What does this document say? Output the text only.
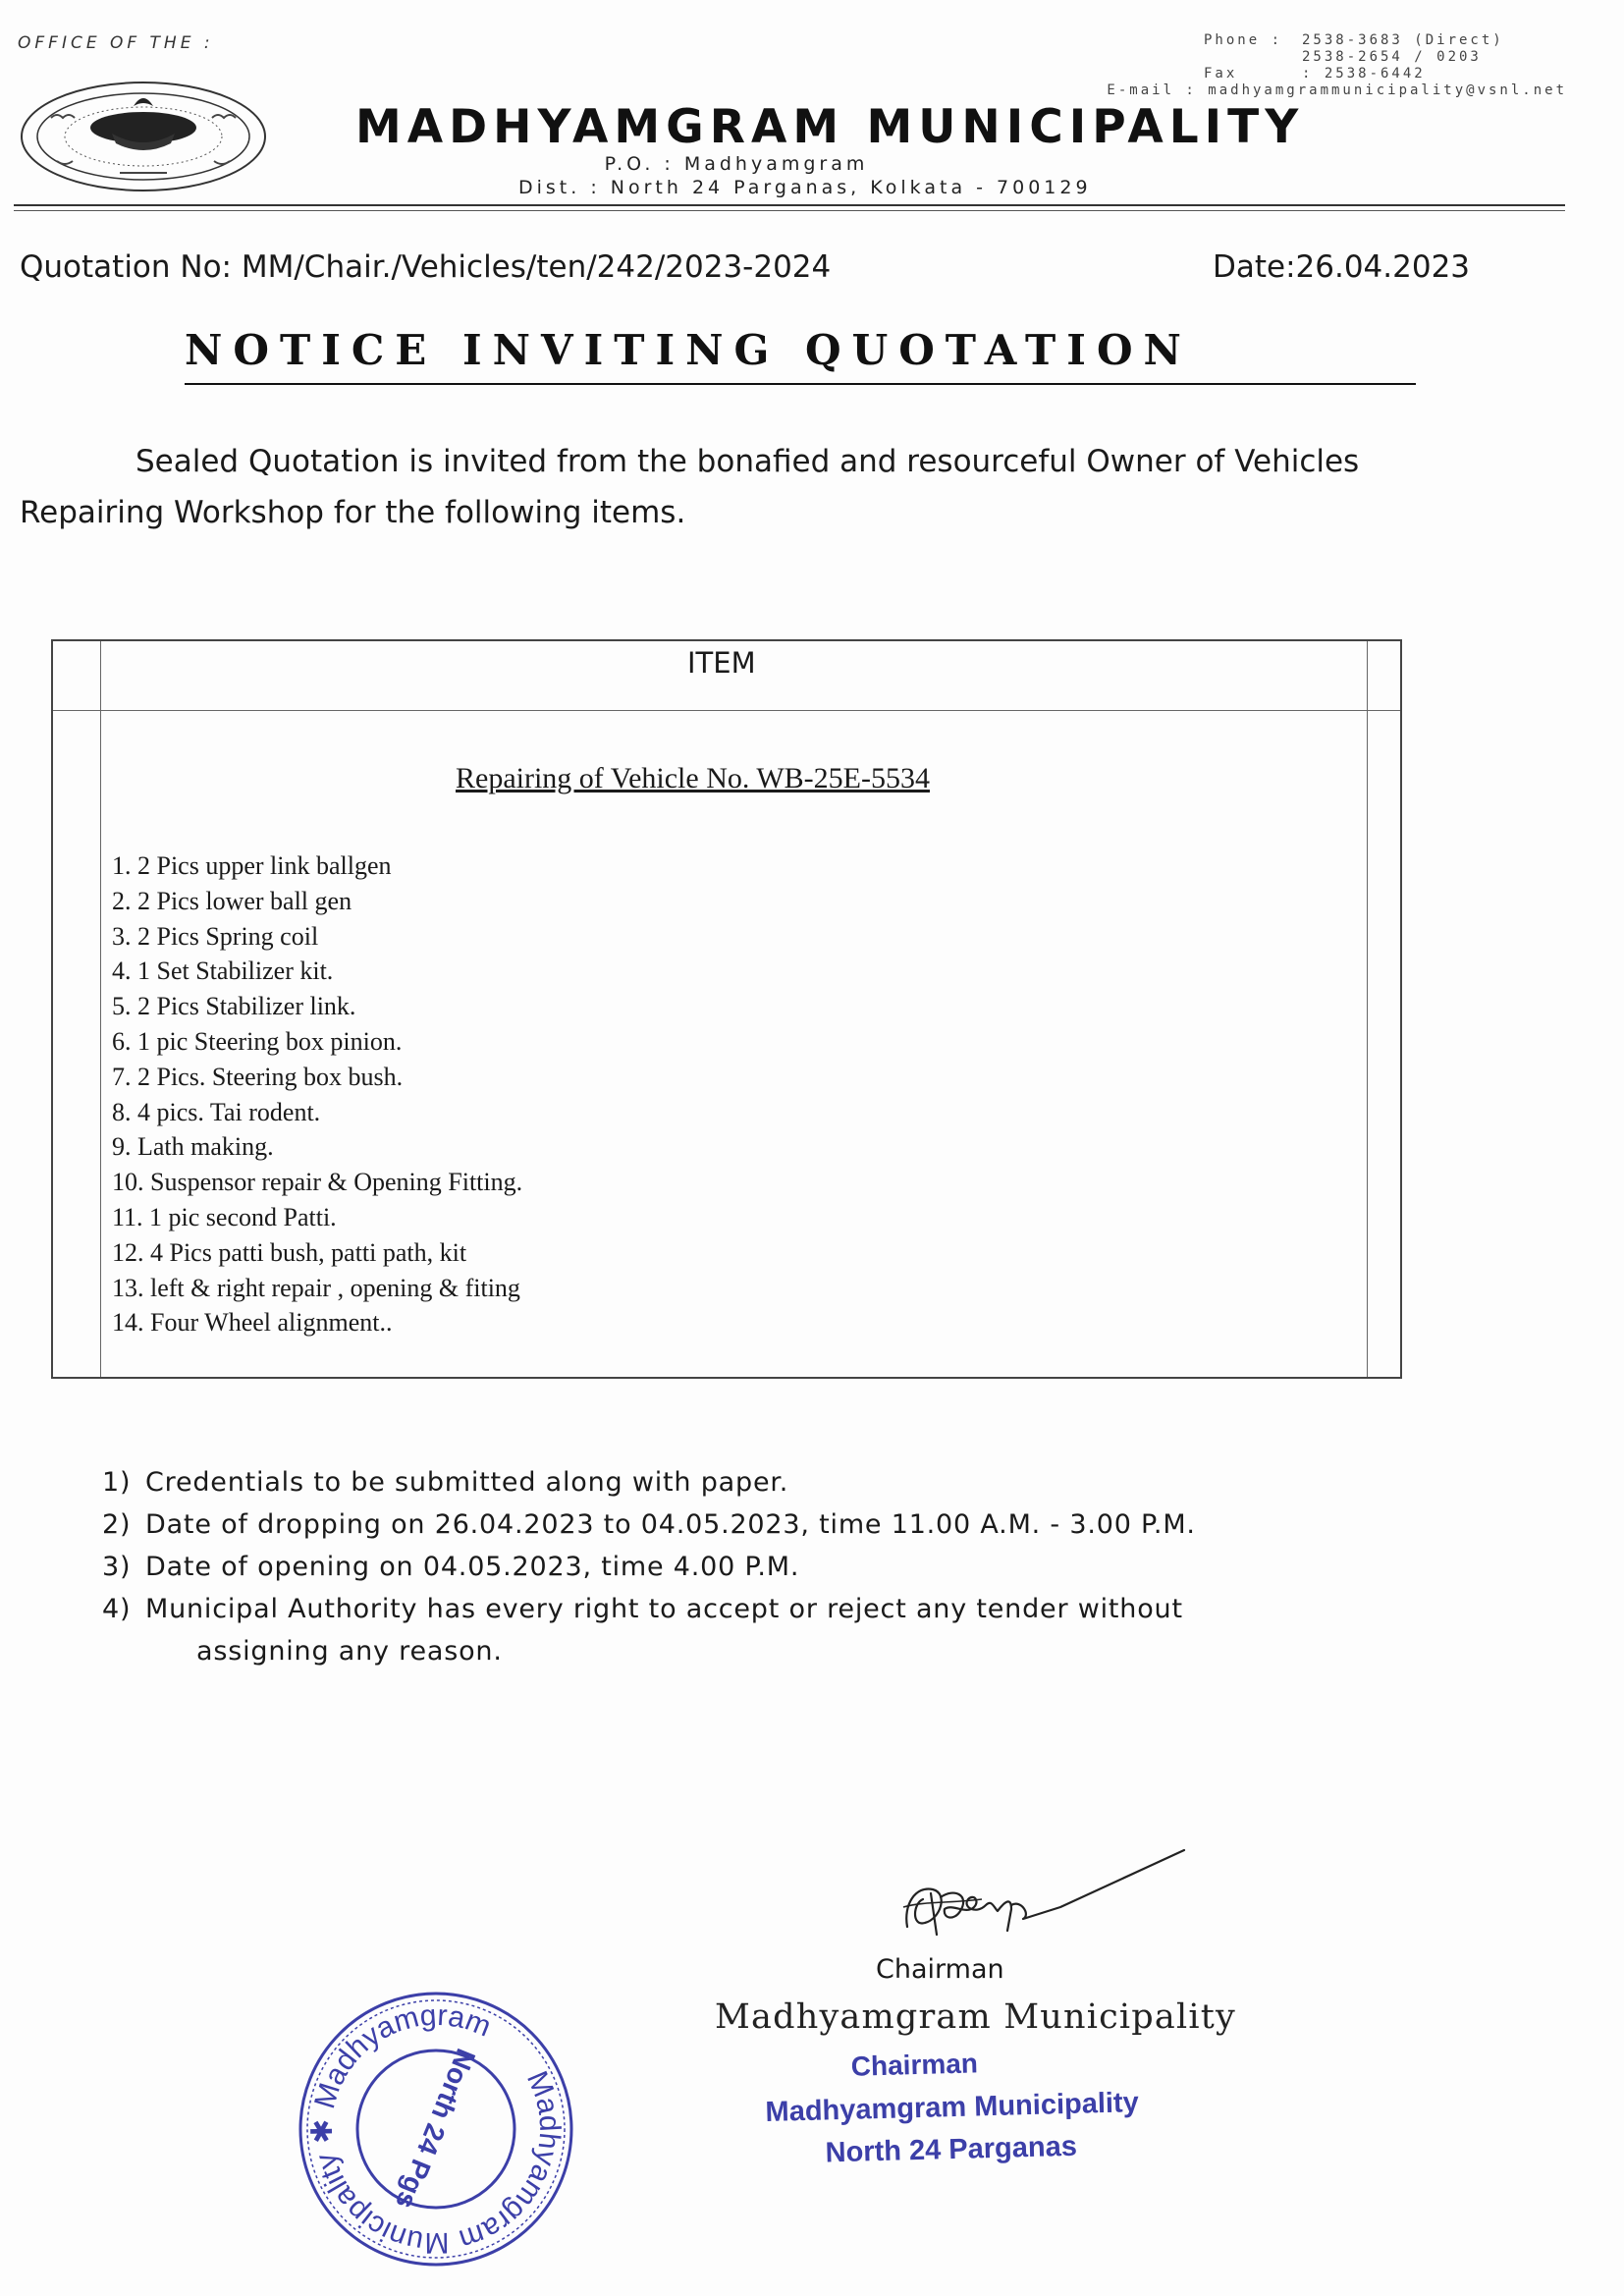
OFFICE OF THE :	Phone :	2538-3683 (Direct)
2538-2654 / 0203
Fax	: 2538-6442
E-mail : madhyamgrammunicipality@vsnl.net
MADHYAMGRAM MUNICIPALITY
P.O. : Madhyamgram
Dist. : North 24 Parganas, Kolkata - 700129
Quotation No: MM/Chair./Vehicles/ten/242/2023-2024	Date:26.04.2023
NOTICE INVITING QUOTATION
Sealed Quotation is invited from the bonafied and resourceful Owner of Vehicles
Repairing Workshop for the following items.
ITEM
Repairing of Vehicle No. WB-25E-5534
1. 2 Pics upper link ballgen
2. 2 Pics lower ball gen
3. 2 Pics Spring coil
4. 1 Set Stabilizer kit.
5. 2 Pics Stabilizer link.
6. 1 pic Steering box pinion.
7. 2 Pics. Steering box bush.
8. 4 pics. Tai rodent.
9. Lath making.
10. Suspensor repair & Opening Fitting.
11. 1 pic second Patti.
12. 4 Pics patti bush, patti path, kit
13. left & right repair , opening & fiting
14. Four Wheel alignment..
1) Credentials to be submitted along with paper.
2) Date of dropping on 26.04.2023 to 04.05.2023, time 11.00 A.M. - 3.00 P.M.
3) Date of opening on 04.05.2023, time 4.00 P.M.
4) Municipal Authority has every right to accept or reject any tender without
assigning any reason.
Chairman
Madhyamgram Municipality
Chairman
Madhyamgram Municipality
North 24 Parganas
Madhyamgram Municipality ✱ Madhyamgram
North 24 Pgs
